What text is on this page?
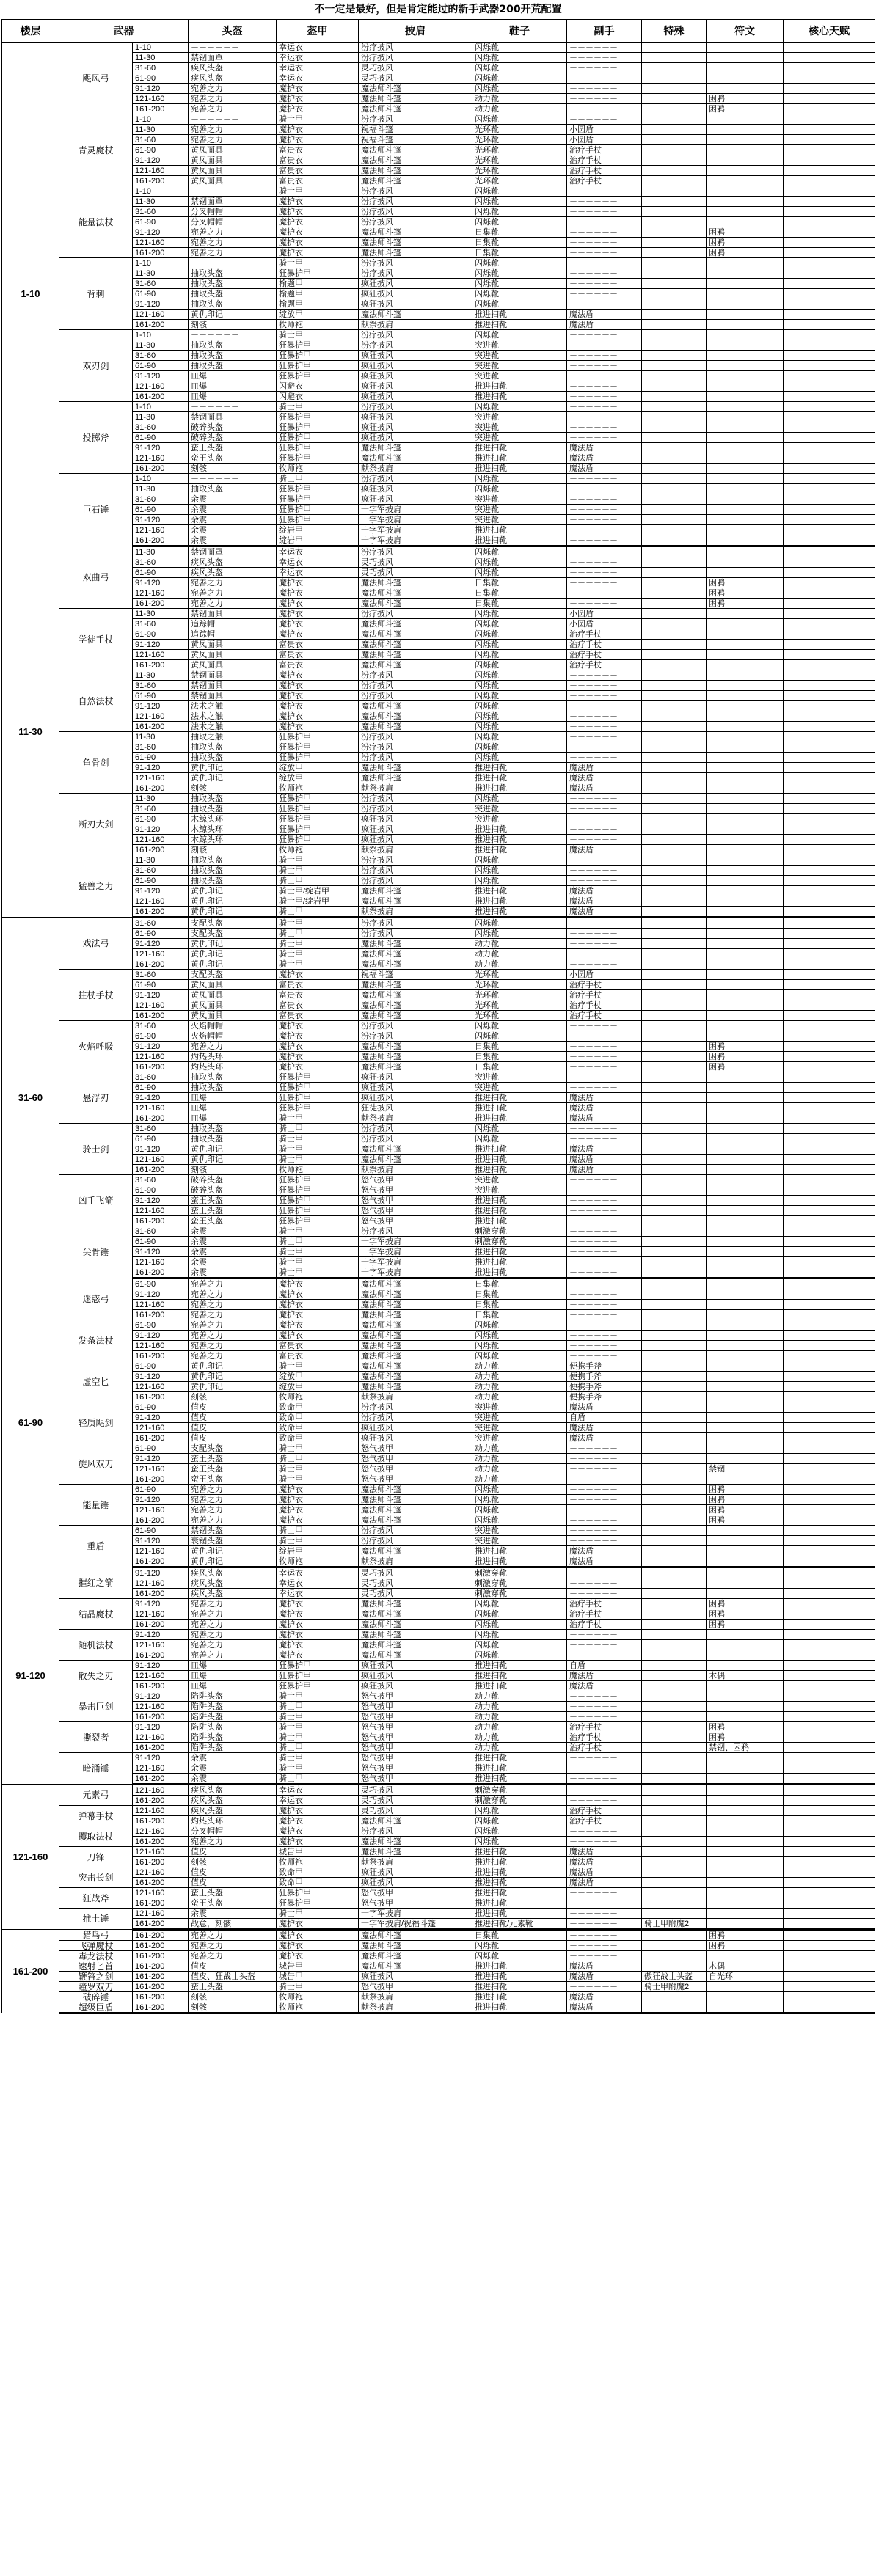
不一定是最好，但是肯定能过的新手武器200开荒配置
楼层	武器		头盔	盔甲	披肩	鞋子	副手	特殊	符文	核心天赋
1-10	飓风弓	1-10	－－－－－－	幸运衣	汾疗披风	闪烁靴	－－－－－－			
		11-30	禁锢面罩	幸运衣	汾疗披风	闪烁靴	－－－－－－			
		31-60	疾风头盔	幸运衣	灵巧披风	闪烁靴	－－－－－－			
		61-90	疾风头盔	幸运衣	灵巧披风	闪烁靴	－－－－－－			
		91-120	宛善之力	魔护衣	魔法师斗篷	闪烁靴	－－－－－－			
		121-160	宛善之力	魔护衣	魔法师斗篷	动力靴	－－－－－－		困鸦	
		161-200	宛善之力	魔护衣	魔法师斗篷	动力靴	－－－－－－		困鸦	
	青灵魔杖	1-10	－－－－－－	骑士甲	汾疗披风	闪烁靴	－－－－－－			
		11-30	宛善之力	魔护衣	祝福斗篷	光环靴	小圆盾			
		31-60	宛善之力	魔护衣	祝福斗篷	光环靴	小圆盾			
		61-90	黄凤面具	富贵衣	魔法师斗篷	光环靴	治疗手杖			
		91-120	黄凤面具	富贵衣	魔法师斗篷	光环靴	治疗手杖			
		121-160	黄凤面具	富贵衣	魔法师斗篷	光环靴	治疗手杖			
		161-200	黄凤面具	富贵衣	魔法师斗篷	光环靴	治疗手杖			
	能量法杖	1-10	－－－－－－	骑士甲	汾疗披风	闪烁靴	－－－－－－			
		11-30	禁锢面罩	魔护衣	汾疗披风	闪烁靴	－－－－－－			
		31-60	分叉帽帽	魔护衣	汾疗披风	闪烁靴	－－－－－－			
		61-90	分叉帽帽	魔护衣	汾疗披风	闪烁靴	－－－－－－			
		91-120	宛善之力	魔护衣	魔法师斗篷	日集靴	－－－－－－		困鸦	
		121-160	宛善之力	魔护衣	魔法师斗篷	日集靴	－－－－－－		困鸦	
		161-200	宛善之力	魔护衣	魔法师斗篷	日集靴	－－－－－－		困鸦	
	背刺	1-10	－－－－－－	骑士甲	汾疗披风	闪烁靴	－－－－－－			
		11-30	抽取头盔	狂暴护甲	汾疗披风	闪烁靴	－－－－－－			
		31-60	抽取头盔	榆题甲	疯狂披风	闪烁靴	－－－－－－			
		61-90	抽取头盔	榆题甲	疯狂披风	闪烁靴	－－－－－－			
		91-120	抽取头盔	榆题甲	疯狂披风	闪烁靴	－－－－－－			
		121-160	黄仇印记	绽放甲	魔法师斗篷	推进扫靴	魔法盾			
		161-200	刻骸	牧师袍	献祭披肩	推进扫靴	魔法盾			
	双刃剑	1-10	－－－－－－	骑士甲	汾疗披风	闪烁靴	－－－－－－			
		11-30	抽取头盔	狂暴护甲	汾疗披风	突进靴	－－－－－－			
		31-60	抽取头盔	狂暴护甲	疯狂披风	突进靴	－－－－－－			
		61-90	抽取头盔	狂暴护甲	疯狂披风	突进靴	－－－－－－			
		91-120	皿爆	狂暴护甲	疯狂披风	突进靴	－－－－－－			
		121-160	皿爆	闪避衣	疯狂披风	推进扫靴	－－－－－－			
		161-200	皿爆	闪避衣	疯狂披风	推进扫靴	－－－－－－			
	投掷斧	1-10	－－－－－－	骑士甲	汾疗披风	闪烁靴	－－－－－－			
		11-30	禁锢面具	狂暴护甲	疯狂披风	突进靴	－－－－－－			
		31-60	破碎头盔	狂暴护甲	疯狂披风	突进靴	－－－－－－			
		61-90	破碎头盔	狂暴护甲	疯狂披风	突进靴	－－－－－－			
		91-120	蛮王头盔	狂暴护甲	魔法师斗篷	推进扫靴	魔法盾			
		121-160	蛮王头盔	狂暴护甲	魔法师斗篷	推进扫靴	魔法盾			
		161-200	刻骸	牧师袍	献祭披肩	推进扫靴	魔法盾			
	巨石锤	1-10	－－－－－－	骑士甲	汾疗披风	闪烁靴	－－－－－－			
		11-30	抽取头盔	狂暴护甲	疯狂披风	闪烁靴	－－－－－－			
		31-60	余震	狂暴护甲	疯狂披风	突进靴	－－－－－－			
		61-90	余震	狂暴护甲	十字军披肩	突进靴	－－－－－－			
		91-120	余震	狂暴护甲	十字军披肩	突进靴	－－－－－－			
		121-160	余震	绽岩甲	十字军披肩	推进扫靴	－－－－－－			
		161-200	余震	绽岩甲	十字军披肩	推进扫靴	－－－－－－			
11-30	双曲弓	11-30	禁锢面罩	幸运衣	汾疗披风	闪烁靴	－－－－－－			
		31-60	疾风头盔	幸运衣	灵巧披风	闪烁靴	－－－－－－			
		61-90	疾风头盔	幸运衣	灵巧披风	闪烁靴	－－－－－－			
		91-120	宛善之力	魔护衣	魔法师斗篷	日集靴	－－－－－－		困鸦	
		121-160	宛善之力	魔护衣	魔法师斗篷	日集靴	－－－－－－		困鸦	
		161-200	宛善之力	魔护衣	魔法师斗篷	日集靴	－－－－－－		困鸦	
	学徒手杖	11-30	禁锢面具	魔护衣	汾疗披风	闪烁靴	小圆盾			
		31-60	追踪帽	魔护衣	魔法师斗篷	闪烁靴	小圆盾			
		61-90	追踪帽	魔护衣	魔法师斗篷	闪烁靴	治疗手杖			
		91-120	黄凤面具	富贵衣	魔法师斗篷	闪烁靴	治疗手杖			
		121-160	黄凤面具	富贵衣	魔法师斗篷	闪烁靴	治疗手杖			
		161-200	黄凤面具	富贵衣	魔法师斗篷	闪烁靴	治疗手杖			
	自然法杖	11-30	禁锢面具	魔护衣	汾疗披风	闪烁靴	－－－－－－			
		31-60	禁锢面具	魔护衣	汾疗披风	闪烁靴	－－－－－－			
		61-90	禁锢面具	魔护衣	汾疗披风	闪烁靴	－－－－－－			
		91-120	法术之触	魔护衣	魔法师斗篷	闪烁靴	－－－－－－			
		121-160	法术之触	魔护衣	魔法师斗篷	闪烁靴	－－－－－－			
		161-200	法术之触	魔护衣	魔法师斗篷	闪烁靴	－－－－－－			
	鱼骨剑	11-30	抽取之触	狂暴护甲	汾疗披风	闪烁靴	－－－－－－			
		31-60	抽取头盔	狂暴护甲	汾疗披风	闪烁靴	－－－－－－			
		61-90	抽取头盔	狂暴护甲	汾疗披风	闪烁靴	－－－－－－			
		91-120	黄仇印记	绽放甲	魔法师斗篷	推进扫靴	魔法盾			
		121-160	黄仇印记	绽放甲	魔法师斗篷	推进扫靴	魔法盾			
		161-200	刻骸	牧师袍	献祭披肩	推进扫靴	魔法盾			
	断刃大剑	11-30	抽取头盔	狂暴护甲	汾疗披风	闪烁靴	－－－－－－			
		31-60	抽取头盔	狂暴护甲	汾疗披风	突进靴	－－－－－－			
		61-90	木鲸头环	狂暴护甲	疯狂披风	突进靴	－－－－－－			
		91-120	木鲸头环	狂暴护甲	疯狂披风	推进扫靴	－－－－－－			
		121-160	木鲸头环	狂暴护甲	疯狂披风	推进扫靴	－－－－－－			
		161-200	刻骸	牧师袍	献祭披肩	推进扫靴	魔法盾			
	猛兽之力	11-30	抽取头盔	骑士甲	汾疗披风	闪烁靴	－－－－－－			
		31-60	抽取头盔	骑士甲	汾疗披风	闪烁靴	－－－－－－			
		61-90	抽取头盔	骑士甲	汾疗披风	闪烁靴	－－－－－－			
		91-120	黄仇印记	骑士甲/绽岩甲	魔法师斗篷	推进扫靴	魔法盾			
		121-160	黄仇印记	骑士甲/绽岩甲	魔法师斗篷	推进扫靴	魔法盾			
		161-200	黄仇印记	骑士甲	献祭披肩	推进扫靴	魔法盾			
31-60	戏法弓	31-60	支配头盔	骑士甲	汾疗披风	闪烁靴	－－－－－－			
		61-90	支配头盔	骑士甲	汾疗披风	闪烁靴	－－－－－－			
		91-120	黄仇印记	骑士甲	魔法师斗篷	动力靴	－－－－－－			
		121-160	黄仇印记	骑士甲	魔法师斗篷	动力靴	－－－－－－			
		161-200	黄仇印记	骑士甲	魔法师斗篷	动力靴	－－－－－－			
	拄杖手杖	31-60	支配头盔	魔护衣	祝福斗篷	光环靴	小圆盾			
		61-90	黄凤面具	富贵衣	魔法师斗篷	光环靴	治疗手杖			
		91-120	黄凤面具	富贵衣	魔法师斗篷	光环靴	治疗手杖			
		121-160	黄凤面具	富贵衣	魔法师斗篷	光环靴	治疗手杖			
		161-200	黄凤面具	富贵衣	魔法师斗篷	光环靴	治疗手杖			
	火焰呼吸	31-60	火焰帽帽	魔护衣	汾疗披风	闪烁靴	－－－－－－			
		61-90	火焰帽帽	魔护衣	汾疗披风	闪烁靴	－－－－－－			
		91-120	宛善之力	魔护衣	魔法师斗篷	日集靴	－－－－－－		困鸦	
		121-160	灼热头环	魔护衣	魔法师斗篷	日集靴	－－－－－－		困鸦	
		161-200	灼热头环	魔护衣	魔法师斗篷	日集靴	－－－－－－		困鸦	
	悬浮刃	31-60	抽取头盔	狂暴护甲	疯狂披风	突进靴	－－－－－－			
		61-90	抽取头盔	狂暴护甲	疯狂披风	突进靴	－－－－－－			
		91-120	皿爆	狂暴护甲	疯狂披风	推进扫靴	魔法盾			
		121-160	皿爆	狂暴护甲	狂徒披风	推进扫靴	魔法盾			
		161-200	皿爆	骑士甲	献祭披肩	推进扫靴	魔法盾			
	骑士剑	31-60	抽取头盔	骑士甲	汾疗披风	闪烁靴	－－－－－－			
		61-90	抽取头盔	骑士甲	汾疗披风	闪烁靴	－－－－－－			
		91-120	黄仇印记	骑士甲	魔法师斗篷	推进扫靴	魔法盾			
		121-160	黄仇印记	骑士甲	魔法师斗篷	推进扫靴	魔法盾			
		161-200	刻骸	牧师袍	献祭披肩	推进扫靴	魔法盾			
	凶手飞箭	31-60	破碎头盔	狂暴护甲	怒气披甲	突进靴	－－－－－－			
		61-90	破碎头盔	狂暴护甲	怒气披甲	突进靴	－－－－－－			
		91-120	蛮王头盔	狂暴护甲	怒气披甲	推进扫靴	－－－－－－			
		121-160	蛮王头盔	狂暴护甲	怒气披甲	推进扫靴	－－－－－－			
		161-200	蛮王头盔	狂暴护甲	怒气披甲	推进扫靴	－－－－－－			
	尖骨锤	31-60	余震	骑士甲	汾疗披风	刺激穿靴	－－－－－－			
		61-90	余震	骑士甲	十字军披肩	刺激穿靴	－－－－－－			
		91-120	余震	骑士甲	十字军披肩	推进扫靴	－－－－－－			
		121-160	余震	骑士甲	十字军披肩	推进扫靴	－－－－－－			
		161-200	余震	骑士甲	十字军披肩	推进扫靴	－－－－－－			
61-90	迷惑弓	61-90	宛善之力	魔护衣	魔法师斗篷	日集靴	－－－－－－			
		91-120	宛善之力	魔护衣	魔法师斗篷	日集靴	－－－－－－			
		121-160	宛善之力	魔护衣	魔法师斗篷	日集靴	－－－－－－			
		161-200	宛善之力	魔护衣	魔法师斗篷	日集靴	－－－－－－			
	发条法杖	61-90	宛善之力	魔护衣	魔法师斗篷	闪烁靴	－－－－－－			
		91-120	宛善之力	魔护衣	魔法师斗篷	闪烁靴	－－－－－－			
		121-160	宛善之力	富贵衣	魔法师斗篷	闪烁靴	－－－－－－			
		161-200	宛善之力	富贵衣	魔法师斗篷	闪烁靴	－－－－－－			
	虚空匕	61-90	黄仇印记	骑士甲	魔法师斗篷	动力靴	便携手斧			
		91-120	黄仇印记	绽放甲	魔法师斗篷	动力靴	便携手斧			
		121-160	黄仇印记	绽放甲	魔法师斗篷	动力靴	便携手斧			
		161-200	刻骸	牧师袍	献祭披肩	动力靴	便携手斧			
	轻质飓剑	61-90	值皮	致命甲	汾疗披风	突进靴	魔法盾			
		91-120	值皮	致命甲	汾疗披风	突进靴	自盾			
		121-160	值皮	致命甲	疯狂披风	突进靴	魔法盾			
		161-200	值皮	致命甲	疯狂披风	突进靴	魔法盾			
	旋风双刀	61-90	支配头盔	骑士甲	怒气披甲	动力靴	－－－－－－			
		91-120	蛮王头盔	骑士甲	怒气披甲	动力靴	－－－－－－			
		121-160	蛮王头盔	骑士甲	怒气披甲	动力靴	－－－－－－		禁锢	
		161-200	蛮王头盔	骑士甲	怒气披甲	动力靴	－－－－－－			
	能量锤	61-90	宛善之力	魔护衣	魔法师斗篷	闪烁靴	－－－－－－		困鸦	
		91-120	宛善之力	魔护衣	魔法师斗篷	闪烁靴	－－－－－－		困鸦	
		121-160	宛善之力	魔护衣	魔法师斗篷	闪烁靴	－－－－－－		困鸦	
		161-200	宛善之力	魔护衣	魔法师斗篷	闪烁靴	－－－－－－		困鸦	
	重盾	61-90	禁锢头盔	骑士甲	汾疗披风	突进靴	－－－－－－			
		91-120	衰锢头盔	骑士甲	汾疗披风	突进靴	－－－－－－			
		121-160	黄仇印记	绽岩甲	魔法师斗篷	推进扫靴	魔法盾			
		161-200	黄仇印记	牧师袍	献祭披肩	推进扫靴	魔法盾			
91-120	摧红之箭	91-120	疾风头盔	幸运衣	灵巧披风	刺激穿靴	－－－－－－			
		121-160	疾风头盔	幸运衣	灵巧披风	刺激穿靴	－－－－－－			
		161-200	疾风头盔	幸运衣	灵巧披风	刺激穿靴	－－－－－－			
	结晶魔杖	91-120	宛善之力	魔护衣	魔法师斗篷	闪烁靴	治疗手杖		困鸦	
		121-160	宛善之力	魔护衣	魔法师斗篷	闪烁靴	治疗手杖		困鸦	
		161-200	宛善之力	魔护衣	魔法师斗篷	闪烁靴	治疗手杖		困鸦	
	随机法杖	91-120	宛善之力	魔护衣	魔法师斗篷	闪烁靴	－－－－－－			
		121-160	宛善之力	魔护衣	魔法师斗篷	闪烁靴	－－－－－－			
		161-200	宛善之力	魔护衣	魔法师斗篷	闪烁靴	－－－－－－			
	散失之刃	91-120	皿爆	狂暴护甲	疯狂披风	推进扫靴	自盾			
		121-160	皿爆	狂暴护甲	疯狂披风	推进扫靴	魔法盾		木偶	
		161-200	皿爆	狂暴护甲	疯狂披风	推进扫靴	魔法盾			
	暴击巨剑	91-120	陷阱头盔	骑士甲	怒气披甲	动力靴	－－－－－－			
		121-160	陷阱头盔	骑士甲	怒气披甲	动力靴	－－－－－－			
		161-200	陷阱头盔	骑士甲	怒气披甲	动力靴	－－－－－－			
	撕裂者	91-120	陷阱头盔	骑士甲	怒气披甲	动力靴	治疗手杖		困鸦	
		121-160	陷阱头盔	骑士甲	怒气披甲	动力靴	治疗手杖		困鸦	
		161-200	陷阱头盔	骑士甲	怒气披甲	动力靴	治疗手杖		禁锢、困鸦	
	暗涌锤	91-120	余震	骑士甲	怒气披甲	推进扫靴	－－－－－－			
		121-160	余震	骑士甲	怒气披甲	推进扫靴	－－－－－－			
		161-200	余震	骑士甲	怒气披甲	推进扫靴	－－－－－－			
121-160	元素弓	121-160	疾风头盔	幸运衣	灵巧披风	刺激穿靴	－－－－－－			
		161-200	疾风头盔	幸运衣	灵巧披风	刺激穿靴	－－－－－－			
	弹幕手杖	121-160	疾风头盔	魔护衣	灵巧披风	闪烁靴	治疗手杖			
		161-200	灼热头环	魔护衣	魔法师斗篷	闪烁靴	治疗手杖			
	攫取法杖	121-160	分叉帽帽	魔护衣	汾疗披风	闪烁靴	－－－－－－			
		161-200	宛善之力	魔护衣	魔法师斗篷	闪烁靴	－－－－－－			
	刀锋	121-160	值皮	城告甲	魔法师斗篷	推进扫靴	魔法盾			
		161-200	刻骸	牧师袍	献祭披肩	推进扫靴	魔法盾			
	突击长剑	121-160	值皮	致命甲	疯狂披风	推进扫靴	魔法盾			
		161-200	值皮	致命甲	疯狂披风	推进扫靴	魔法盾			
	狂战斧	121-160	蛮王头盔	狂暴护甲	怒气披甲	推进扫靴	－－－－－－			
		161-200	蛮王头盔	狂暴护甲	怒气披甲	推进扫靴	－－－－－－			
	推土锤	121-160	余震	骑士甲	十字军披肩	推进扫靴	－－－－－－			
		161-200	战意，刻骸	魔护衣	十字军披肩/祝福斗篷	推进扫靴/元素靴	－－－－－－	骑士甲附魔2		
161-200	猎鸟弓	161-200	宛善之力	魔护衣	魔法师斗篷	日集靴	－－－－－－		困鸦	
	飞弹魔杖	161-200	宛善之力	魔护衣	魔法师斗篷	闪烁靴	－－－－－－		困鸦	
	毒龙法杖	161-200	宛善之力	魔护衣	魔法师斗篷	闪烁靴	－－－－－－			
	速射匕首	161-200	值皮	城告甲	魔法师斗篷	推进扫靴	魔法盾		木偶	
	鞭笞之剑	161-200	值皮、狂战士头盔	城告甲	疯狂披风	推进扫靴	魔法盾	傲狂战士头盔	自光环	
	瞳罗双刀	161-200	蛮王头盔	骑士甲	怒气披甲	推进扫靴	－－－－－－	骑士甲附魔2		
	破碎锤	161-200	刻骸	牧师袍	献祭披肩	推进扫靴	魔法盾			
	超级巨盾	161-200	刻骸	牧师袍	献祭披肩	推进扫靴	魔法盾			
